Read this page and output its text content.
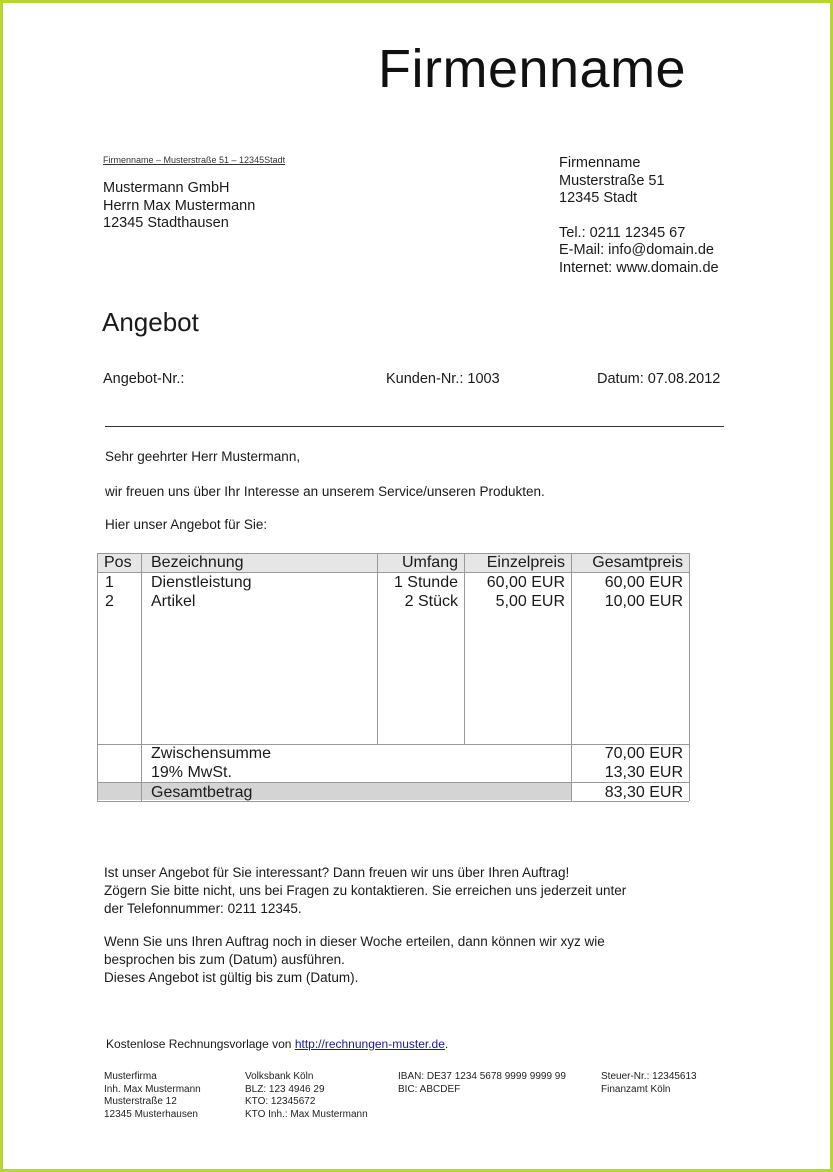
Firmenname
Firmenname – Musterstraße 51 – 12345Stadt
Mustermann GmbH
Herrn Max Mustermann
12345 Stadthausen
Firmenname
Musterstraße 51
12345 Stadt
Tel.: 0211 12345 67
E-Mail: info@domain.de
Internet: www.domain.de
Angebot
Angebot-Nr.:	Kunden-Nr.: 1003	Datum: 07.08.2012
Sehr geehrter Herr Mustermann,
wir freuen uns über Ihr Interesse an unserem Service/unseren Produkten.
Hier unser Angebot für Sie:
Pos Bezeichnung	Umfang	Einzelpreis	Gesamtpreis
1 Dienstleistung	1 Stunde	60,00 EUR	60,00 EUR
2 Artikel	2 Stück	5,00 EUR	10,00 EUR
Zwischensumme	70,00 EUR
19% MwSt.	13,30 EUR
Gesamtbetrag	83,30 EUR
Ist unser Angebot für Sie interessant? Dann freuen wir uns über Ihren Auftrag!
Zögern Sie bitte nicht, uns bei Fragen zu kontaktieren. Sie erreichen uns jederzeit unter
der Telefonnummer: 0211 12345.
Wenn Sie uns Ihren Auftrag noch in dieser Woche erteilen, dann können wir xyz wie
besprochen bis zum (Datum) ausführen.
Dieses Angebot ist gültig bis zum (Datum).
Kostenlose Rechnungsvorlage von http://rechnungen-muster.de.
Musterfirma
Inh. Max Mustermann
Musterstraße 12
12345 Musterhausen
Volksbank Köln
BLZ: 123 4946 29
KTO: 12345672
KTO Inh.: Max Mustermann
IBAN: DE37 1234 5678 9999 9999 99
BIC: ABCDEF
Steuer-Nr.: 12345613
Finanzamt Köln
